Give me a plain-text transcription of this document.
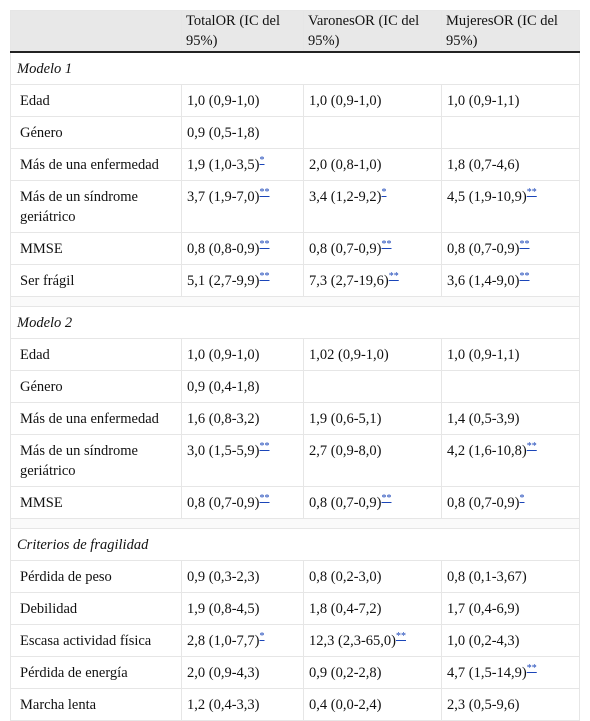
	TotalOR (IC del 95%)	VaronesOR (IC del 95%)	MujeresOR (IC del 95%)
Modelo 1			
Edad	1,0 (0,9-1,0)	1,0 (0,9-1,0)	1,0 (0,9-1,1)
Género	0,9 (0,5-1,8)		
Más de una enfermedad	1,9 (1,0-3,5)*	2,0 (0,8-1,0)	1,8 (0,7-4,6)
Más de un síndrome geriátrico	3,7 (1,9-7,0)**	3,4 (1,2-9,2)*	4,5 (1,9-10,9)**
MMSE	0,8 (0,8-0,9)**	0,8 (0,7-0,9)**	0,8 (0,7-0,9)**
Ser frágil	5,1 (2,7-9,9)**	7,3 (2,7-19,6)**	3,6 (1,4-9,0)**

Modelo 2			
Edad	1,0 (0,9-1,0)	1,02 (0,9-1,0)	1,0 (0,9-1,1)
Género	0,9 (0,4-1,8)		
Más de una enfermedad	1,6 (0,8-3,2)	1,9 (0,6-5,1)	1,4 (0,5-3,9)
Más de un síndrome geriátrico	3,0 (1,5-5,9)**	2,7 (0,9-8,0)	4,2 (1,6-10,8)**
MMSE	0,8 (0,7-0,9)**	0,8 (0,7-0,9)**	0,8 (0,7-0,9)*

Criterios de fragilidad			
Pérdida de peso	0,9 (0,3-2,3)	0,8 (0,2-3,0)	0,8 (0,1-3,67)
Debilidad	1,9 (0,8-4,5)	1,8 (0,4-7,2)	1,7 (0,4-6,9)
Escasa actividad física	2,8 (1,0-7,7)*	12,3 (2,3-65,0)**	1,0 (0,2-4,3)
Pérdida de energía	2,0 (0,9-4,3)	0,9 (0,2-2,8)	4,7 (1,5-14,9)**
Marcha lenta	1,2 (0,4-3,3)	0,4 (0,0-2,4)	2,3 (0,5-9,6)
